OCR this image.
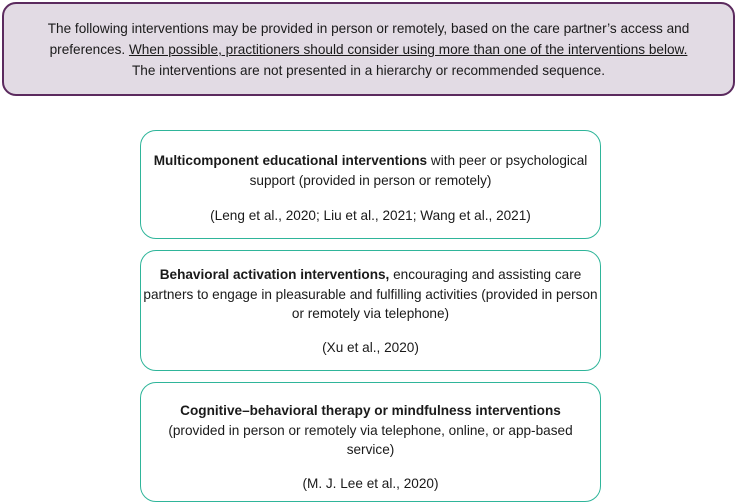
The following interventions may be provided in person or remotely, based on the care partner’s access and
preferences. When possible, practitioners should consider using more than one of the interventions below.
The interventions are not presented in a hierarchy or recommended sequence.
Multicomponent educational interventions with peer or psychological support (provided in person or remotely)
(Leng et al., 2020; Liu et al., 2021; Wang et al., 2021)
Behavioral activation interventions, encouraging and assisting care partners to engage in pleasurable and fulfilling activities (provided in person or remotely via telephone)
(Xu et al., 2020)
Cognitive–behavioral therapy or mindfulness interventions (provided in person or remotely via telephone, online, or app-based service)
(M. J. Lee et al., 2020)
